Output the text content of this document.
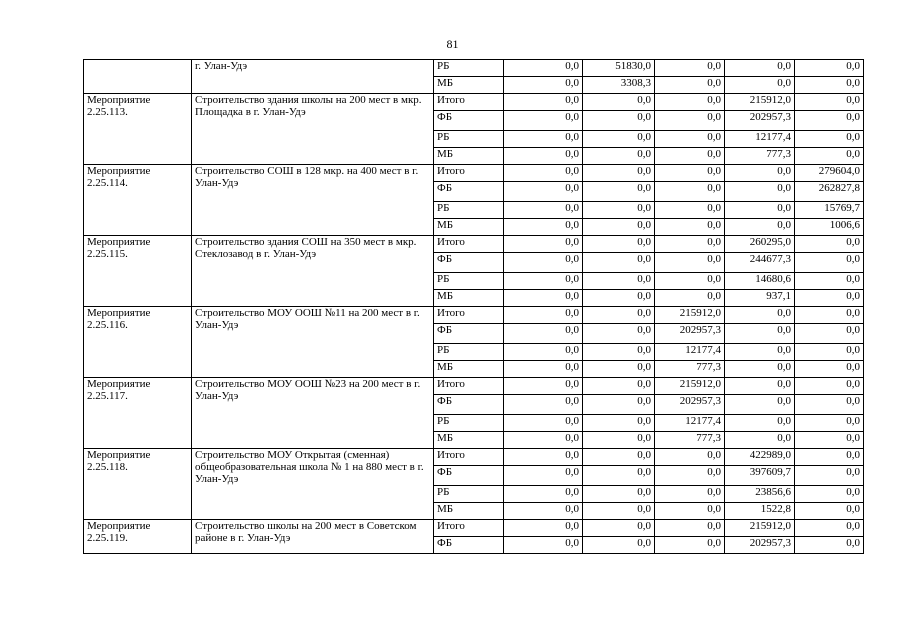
81
	г. Улан-Удэ	РБ	0,0	51830,0	0,0	0,0	0,0
		МБ	0,0	3308,3	0,0	0,0	0,0
Мероприятие 2.25.113.	Строительство здания школы на 200 мест в мкр. Площадка в г. Улан-Удэ	Итого	0,0	0,0	0,0	215912,0	0,0
		ФБ	0,0	0,0	0,0	202957,3	0,0
		РБ	0,0	0,0	0,0	12177,4	0,0
		МБ	0,0	0,0	0,0	777,3	0,0
Мероприятие 2.25.114.	Строительство СОШ в 128 мкр. на 400 мест в г. Улан-Удэ	Итого	0,0	0,0	0,0	0,0	279604,0
		ФБ	0,0	0,0	0,0	0,0	262827,8
		РБ	0,0	0,0	0,0	0,0	15769,7
		МБ	0,0	0,0	0,0	0,0	1006,6
Мероприятие 2.25.115.	Строительство здания СОШ на 350 мест в мкр. Стеклозавод в г. Улан-Удэ	Итого	0,0	0,0	0,0	260295,0	0,0
		ФБ	0,0	0,0	0,0	244677,3	0,0
		РБ	0,0	0,0	0,0	14680,6	0,0
		МБ	0,0	0,0	0,0	937,1	0,0
Мероприятие 2.25.116.	Строительство МОУ ООШ №11 на 200 мест в г. Улан-Удэ	Итого	0,0	0,0	215912,0	0,0	0,0
		ФБ	0,0	0,0	202957,3	0,0	0,0
		РБ	0,0	0,0	12177,4	0,0	0,0
		МБ	0,0	0,0	777,3	0,0	0,0
Мероприятие 2.25.117.	Строительство МОУ ООШ №23 на 200 мест в г. Улан-Удэ	Итого	0,0	0,0	215912,0	0,0	0,0
		ФБ	0,0	0,0	202957,3	0,0	0,0
		РБ	0,0	0,0	12177,4	0,0	0,0
		МБ	0,0	0,0	777,3	0,0	0,0
Мероприятие 2.25.118.	Строительство МОУ Открытая (сменная) общеобразовательная школа № 1 на 880 мест в г. Улан-Удэ	Итого	0,0	0,0	0,0	422989,0	0,0
		ФБ	0,0	0,0	0,0	397609,7	0,0
		РБ	0,0	0,0	0,0	23856,6	0,0
		МБ	0,0	0,0	0,0	1522,8	0,0
Мероприятие 2.25.119.	Строительство школы на 200 мест в Советском районе в г. Улан-Удэ	Итого	0,0	0,0	0,0	215912,0	0,0
		ФБ	0,0	0,0	0,0	202957,3	0,0
